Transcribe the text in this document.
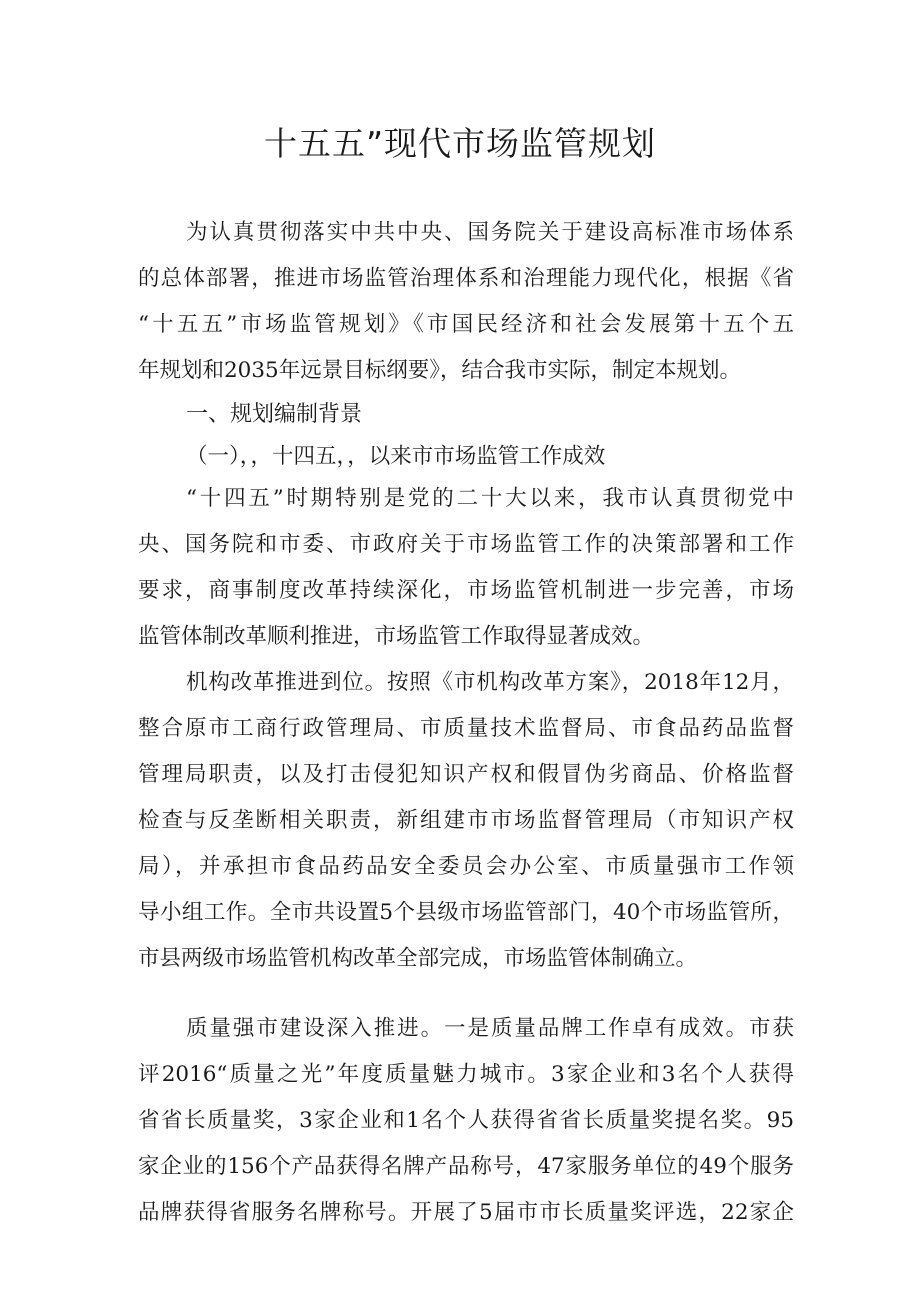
十五五”现代市场监管规划
为认真贯彻落实中共中央、国务院关于建设高标准市场体系
的总体部署，推进市场监管治理体系和治理能力现代化，根据《省
“十五五”市场监管规划》《市国民经济和社会发展第十五个五
年规划和2035年远景目标纲要》，结合我市实际，制定本规划。
一、规划编制背景
（一），，十四五，，以来市市场监管工作成效
“十四五”时期特别是党的二十大以来，我市认真贯彻党中
央、国务院和市委、市政府关于市场监管工作的决策部署和工作
要求，商事制度改革持续深化，市场监管机制进一步完善，市场
监管体制改革顺利推进，市场监管工作取得显著成效。
机构改革推进到位。按照《市机构改革方案》，2018年12月，
整合原市工商行政管理局、市质量技术监督局、市食品药品监督
管理局职责，以及打击侵犯知识产权和假冒伪劣商品、价格监督
检查与反垄断相关职责，新组建市市场监督管理局（市知识产权
局），并承担市食品药品安全委员会办公室、市质量强市工作领
导小组工作。全市共设置5个县级市场监管部门，40个市场监管所，
市县两级市场监管机构改革全部完成，市场监管体制确立。
质量强市建设深入推进。一是质量品牌工作卓有成效。市获
评2016“质量之光”年度质量魅力城市。3家企业和3名个人获得
省省长质量奖，3家企业和1名个人获得省省长质量奖提名奖。95
家企业的156个产品获得名牌产品称号，47家服务单位的49个服务
品牌获得省服务名牌称号。开展了5届市市长质量奖评选，22家企
